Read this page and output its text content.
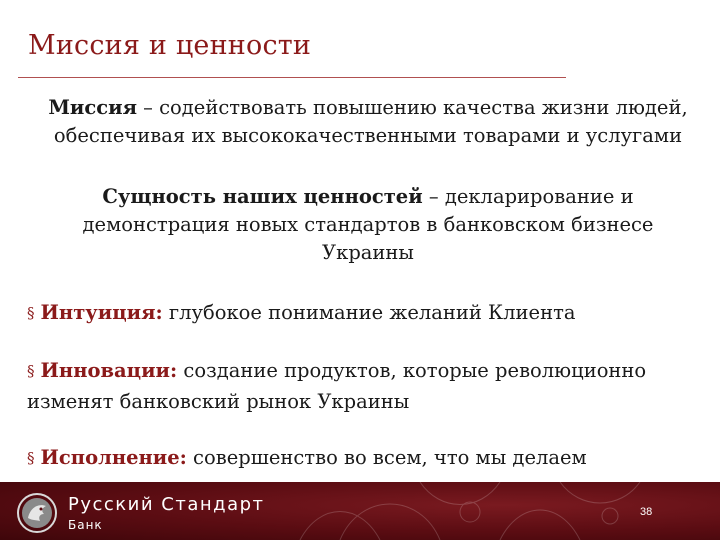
Миссия и ценности
Миссия – содействовать повышению качества жизни людей, обеспечивая их высококачественными товарами и услугами
Сущность наших ценностей – декларирование и демонстрация новых стандартов в банковском бизнесе Украины
§ Интуиция: глубокое понимание желаний Клиента
§ Инновации: создание продуктов, которые революционно изменят банковский рынок Украины
§ Исполнение: совершенство во всем, что мы делаем
Русский Стандарт
Банк
38
